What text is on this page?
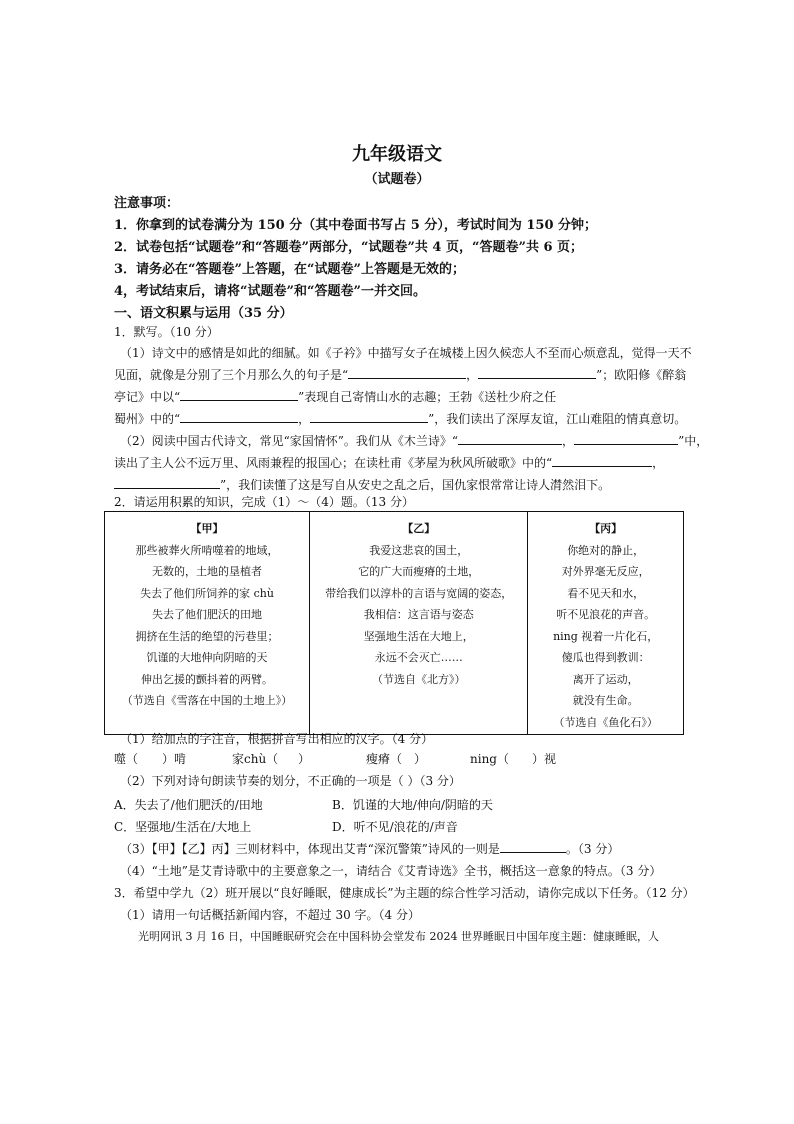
九年级语文
（试题卷）
注意事项：
1．你拿到的试卷满分为 150 分（其中卷面书写占 5 分），考试时间为 150 分钟；
2．试卷包括“试题卷”和“答题卷”两部分，“试题卷”共 4 页，“答题卷”共 6 页；
3．请务必在“答题卷”上答题，在“试题卷”上答题是无效的；
4，考试结束后，请将“试题卷”和“答题卷”一并交回。
一、语文积累与运用（35 分）
1．默写。（10 分）
（1）诗文中的感情是如此的细腻。如《子衿》中描写女子在城楼上因久候恋人不至而心烦意乱，觉得一天不
见面，就像是分别了三个月那么久的句子是“	，	”；欧阳修《醉翁
亭记》中以“	”表现自己寄情山水的志趣；王勃《送杜少府之任
蜀州》中的“	，	”，我们读出了深厚友谊，江山难阻的情真意切。
（2）阅读中国古代诗文，常见“家国情怀”。我们从《木兰诗》“	，	”中，
读出了主人公不远万里、风雨兼程的报国心；在读杜甫《茅屋为秋风所破歌》中的“	，
”，我们读懂了这是写自从安史之乱之后，国仇家恨常常让诗人潸然泪下。
2．请运用积累的知识，完成（1）～（4）题。（13 分）
【甲】
那些被葬火所啃噬着的地域，
无数的，土地的垦植者
失去了他们所饲养的家 chù
失去了他们肥沃的田地
拥挤在生活的绝望的污巷里；
饥谨的大地伸向阴暗的天
伸出乞援的颤抖着的两臂。
（节选自《雪落在中国的土地上》）

【乙】
我爱这悲哀的国土，
它的广大而瘦瘠的土地，
带给我们以淳朴的言语与宽阔的姿态，
我相信：这言语与姿态
坚强地生活在大地上，
永远不会灭亡……
（节选自《北方》）

【丙】
你绝对的静止，
对外界毫无反应，
看不见天和水，
听不见浪花的声音。
ning 视着一片化石，
傻瓜也得到教训：
离开了运动，
就没有生命。
（节选自《鱼化石》）
（1）给加点的字注音，根据拼音写出相应的汉字。（4 分）
噬（ ）啃	家chù（ ）	瘦瘠（ ）	ning（ ）视
（2）下列对诗句朗读节奏的划分，不正确的一项是（ ）（3 分）
A．失去了/他们肥沃的/田地	B．饥谨的大地/伸向/阴暗的天
C．坚强地/生活在/大地上	D．听不见/浪花的/声音
（3）【甲】【乙】丙】三则材料中，体现出艾青“深沉警策”诗风的一则是	。（3 分）
（4）“土地”是艾青诗歌中的主要意象之一，请结合《艾青诗选》全书，概括这一意象的特点。（3 分）
3．希望中学九（2）班开展以“良好睡眠，健康成长”为主题的综合性学习活动，请你完成以下任务。（12 分）
（1）请用一句话概括新闻内容，不超过 30 字。（4 分）
光明网讯 3 月 16 日，中国睡眠研究会在中国科协会堂发布 2024 世界睡眠日中国年度主题：健康睡眠，人
